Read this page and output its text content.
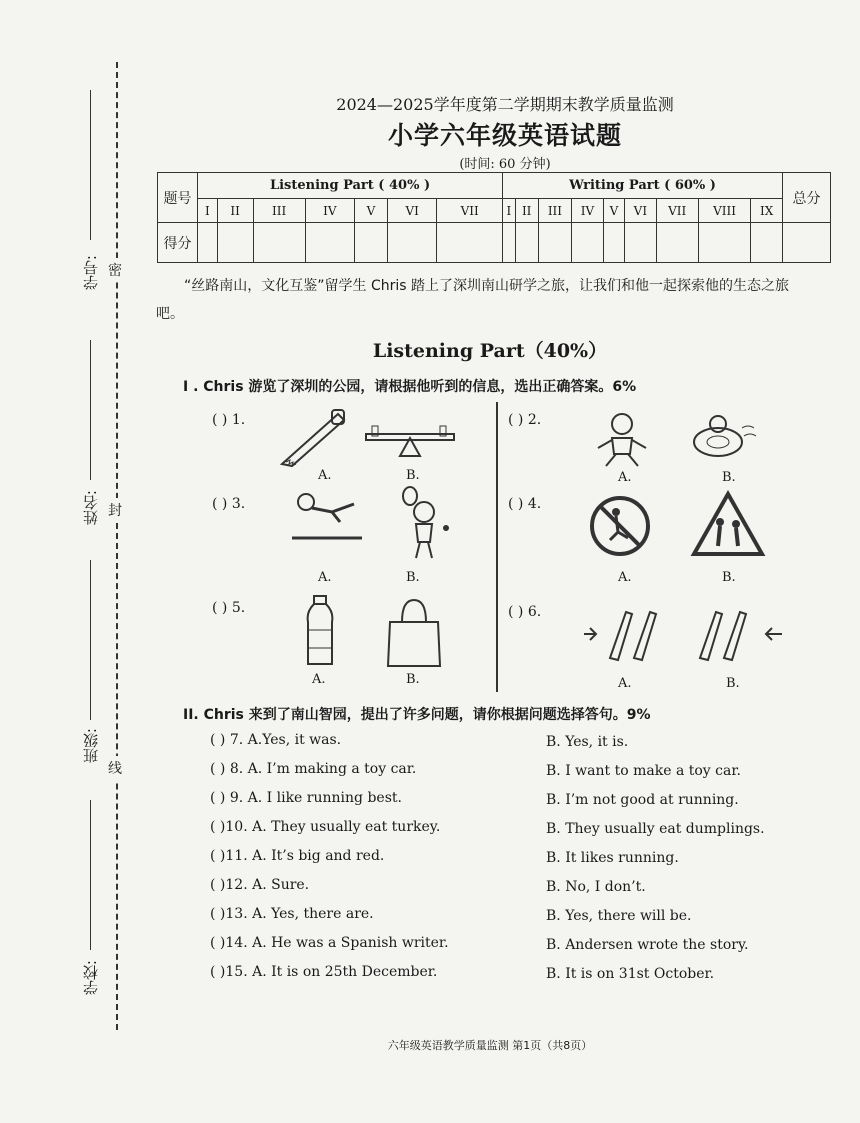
学号:
姓名:
班级:
学校:
密
封
线
2024—2025学年度第二学期期末教学质量监测
小学六年级英语试题
(时间: 60 分钟)
题号	Listening Part ( 40% )							Writing Part ( 60% )									总分
	I	II	III	IV	V	VI	VII	I	II	III	IV	V	VI	VII	VIII	IX	
得分																	
“丝路南山，文化互鉴”留学生 Chris 踏上了深圳南山研学之旅，让我们和他一起探索他的生态之旅吧。
Listening Part（40%）
I . Chris 游览了深圳的公园，请根据他听到的信息，选出正确答案。6%
( ) 1.
A.	B.
( ) 2.
A.	B.
( ) 3.
A.	B.
( ) 4.
A.	B.
( ) 5.
A.	B.
( ) 6.
A.	B.
II. Chris 来到了南山智园，提出了许多问题，请你根据问题选择答句。9%
( ) 7. A.Yes, it was.	B. Yes, it is.
( ) 8. A. I’m making a toy car.	B. I want to make a toy car.
( ) 9. A. I like running best.	B. I’m not good at running.
( )10. A. They usually eat turkey.	B. They usually eat dumplings.
( )11. A. It’s big and red.	B. It likes running.
( )12. A. Sure.	B. No, I don’t.
( )13. A. Yes, there are.	B. Yes, there will be.
( )14. A. He was a Spanish writer.	B. Andersen wrote the story.
( )15. A. It is on 25th December.	B. It is on 31st October.
六年级英语教学质量监测 第1页（共8页）
